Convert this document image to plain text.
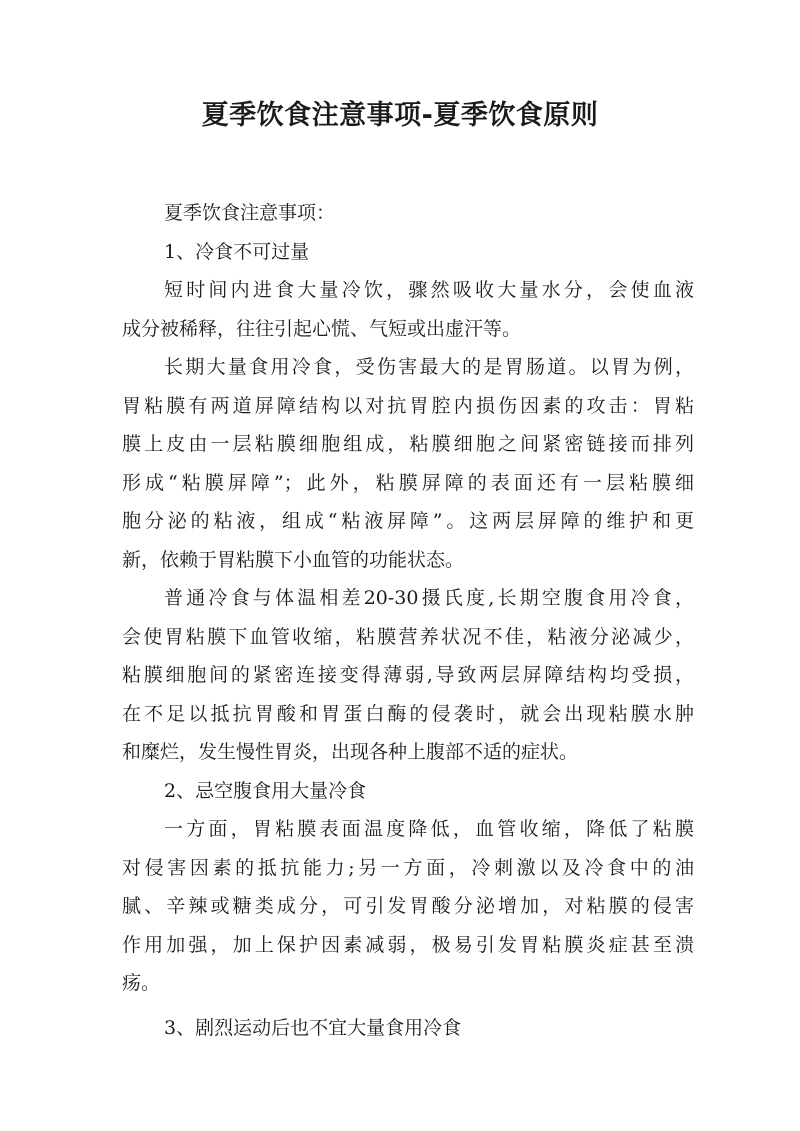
夏季饮食注意事项-夏季饮食原则
夏季饮食注意事项：
1、冷食不可过量
短时间内进食大量冷饮，骤然吸收大量水分，会使血液
成分被稀释，往往引起心慌、气短或出虚汗等。
长期大量食用冷食，受伤害最大的是胃肠道。以胃为例，
胃粘膜有两道屏障结构以对抗胃腔内损伤因素的攻击：胃粘
膜上皮由一层粘膜细胞组成，粘膜细胞之间紧密链接而排列
形成“粘膜屏障”；此外，粘膜屏障的表面还有一层粘膜细
胞分泌的粘液，组成“粘液屏障”。这两层屏障的维护和更
新，依赖于胃粘膜下小血管的功能状态。
普通冷食与体温相差20-30摄氏度,长期空腹食用冷食，
会使胃粘膜下血管收缩，粘膜营养状况不佳，粘液分泌减少，
粘膜细胞间的紧密连接变得薄弱,导致两层屏障结构均受损，
在不足以抵抗胃酸和胃蛋白酶的侵袭时，就会出现粘膜水肿
和糜烂，发生慢性胃炎，出现各种上腹部不适的症状。
2、忌空腹食用大量冷食
一方面，胃粘膜表面温度降低，血管收缩，降低了粘膜
对侵害因素的抵抗能力;另一方面，冷刺激以及冷食中的油
腻、辛辣或糖类成分，可引发胃酸分泌增加，对粘膜的侵害
作用加强，加上保护因素减弱，极易引发胃粘膜炎症甚至溃
疡。
3、剧烈运动后也不宜大量食用冷食
